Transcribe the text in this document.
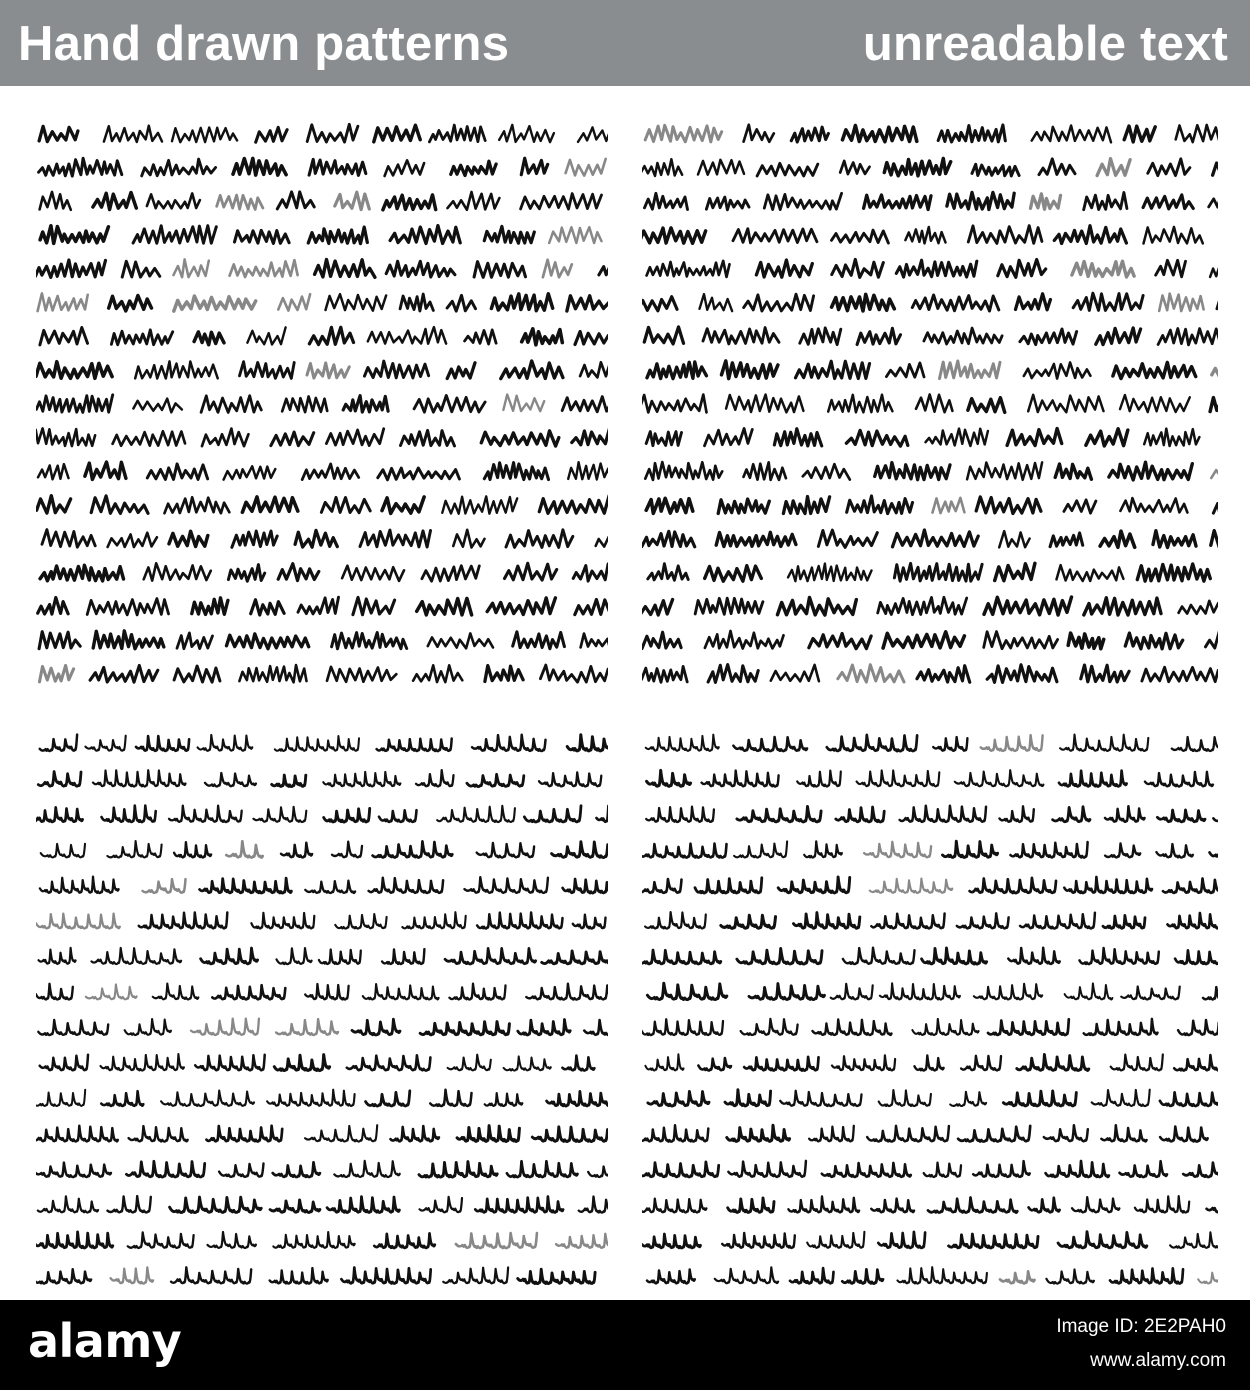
Hand drawn patterns	unreadable text
alamy	Image ID: 2E2PAH0
www.alamy.com
